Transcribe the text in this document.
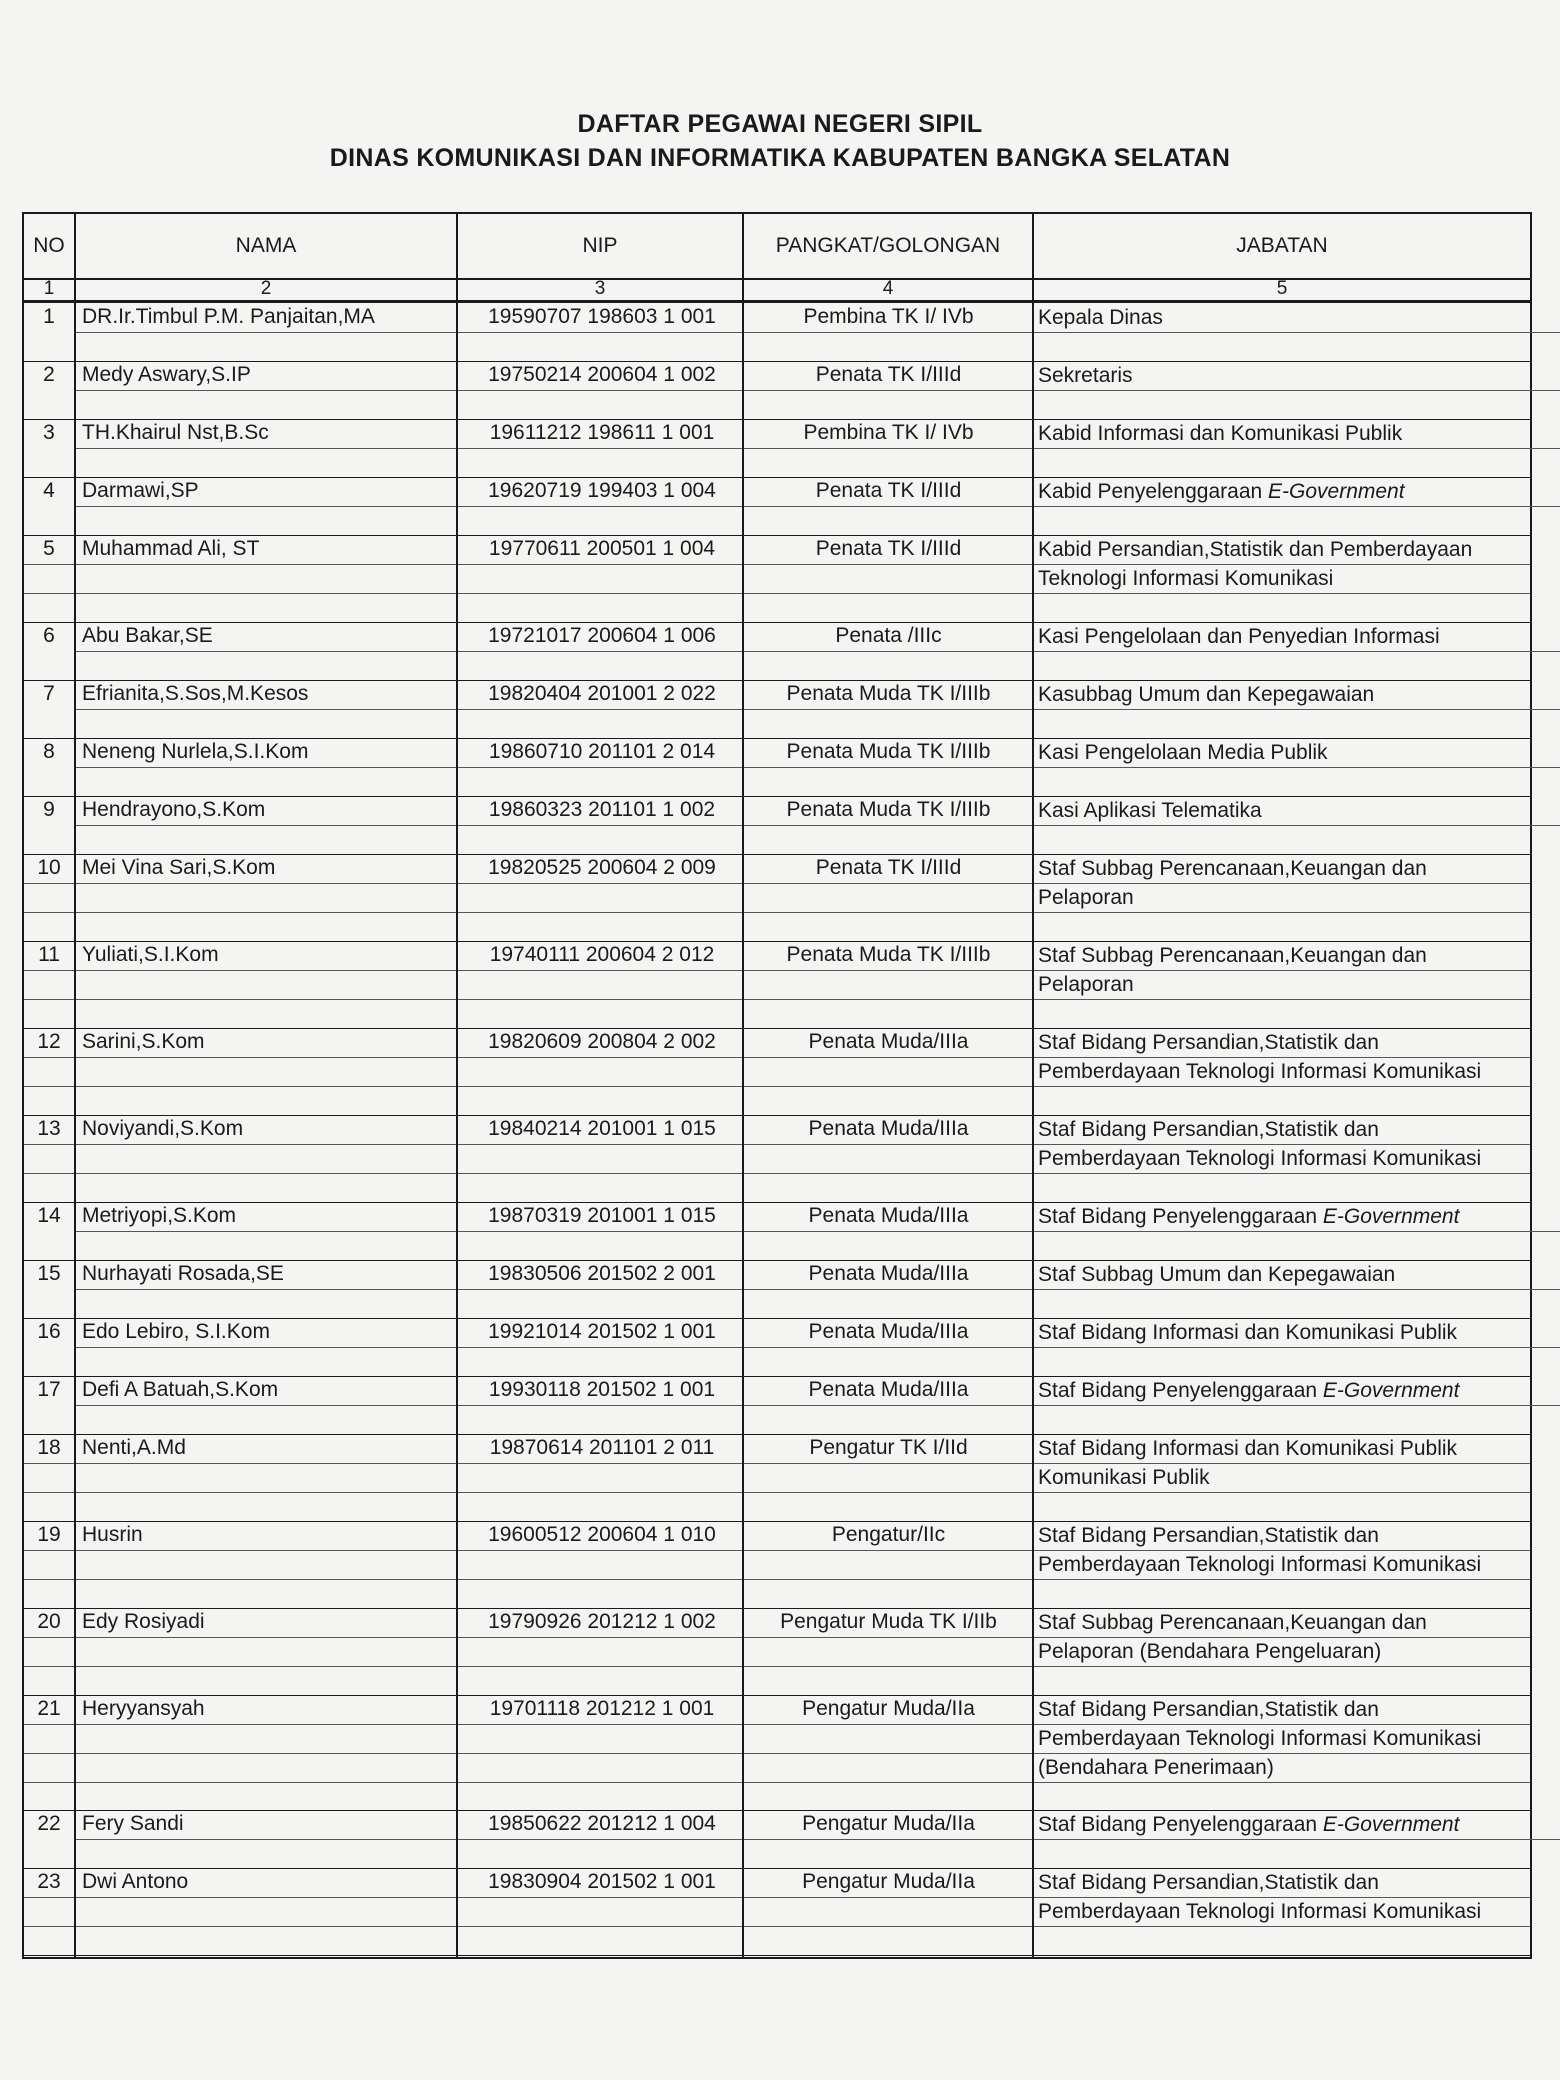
DAFTAR PEGAWAI NEGERI SIPIL
DINAS KOMUNIKASI DAN INFORMATIKA KABUPATEN BANGKA SELATAN
NO	NAMA	NIP	PANGKAT/GOLONGAN	JABATAN
1	2	3	4	5
1	DR.Ir.Timbul P.M. Panjaitan,MA	19590707 198603 1 001	Pembina TK I/ IVb	Kepala Dinas
2	Medy Aswary,S.IP	19750214 200604 1 002	Penata TK I/IIId	Sekretaris
3	TH.Khairul Nst,B.Sc	19611212 198611 1 001	Pembina TK I/ IVb	Kabid Informasi dan Komunikasi Publik
4	Darmawi,SP	19620719 199403 1 004	Penata TK I/IIId	Kabid Penyelenggaraan E-Government
5	Muhammad Ali, ST	19770611 200501 1 004	Penata TK I/IIId	Kabid Persandian,Statistik dan Pemberdayaan
Teknologi Informasi Komunikasi
6	Abu Bakar,SE	19721017 200604 1 006	Penata /IIIc	Kasi Pengelolaan dan Penyedian Informasi
7	Efrianita,S.Sos,M.Kesos	19820404 201001 2 022	Penata Muda TK I/IIIb	Kasubbag Umum dan Kepegawaian
8	Neneng Nurlela,S.I.Kom	19860710 201101 2 014	Penata Muda TK I/IIIb	Kasi Pengelolaan Media Publik
9	Hendrayono,S.Kom	19860323 201101 1 002	Penata Muda TK I/IIIb	Kasi Aplikasi Telematika
10	Mei Vina Sari,S.Kom	19820525 200604 2 009	Penata TK I/IIId	Staf Subbag Perencanaan,Keuangan dan
Pelaporan
11	Yuliati,S.I.Kom	19740111 200604 2 012	Penata Muda TK I/IIIb	Staf Subbag Perencanaan,Keuangan dan
Pelaporan
12	Sarini,S.Kom	19820609 200804 2 002	Penata Muda/IIIa	Staf Bidang Persandian,Statistik dan
Pemberdayaan Teknologi Informasi Komunikasi
13	Noviyandi,S.Kom	19840214 201001 1 015	Penata Muda/IIIa	Staf Bidang Persandian,Statistik dan
Pemberdayaan Teknologi Informasi Komunikasi
14	Metriyopi,S.Kom	19870319 201001 1 015	Penata Muda/IIIa	Staf Bidang Penyelenggaraan E-Government
15	Nurhayati Rosada,SE	19830506 201502 2 001	Penata Muda/IIIa	Staf Subbag Umum dan Kepegawaian
16	Edo Lebiro, S.I.Kom	19921014 201502 1 001	Penata Muda/IIIa	Staf Bidang Informasi dan Komunikasi Publik
17	Defi A Batuah,S.Kom	19930118 201502 1 001	Penata Muda/IIIa	Staf Bidang Penyelenggaraan E-Government
18	Nenti,A.Md	19870614 201101 2 011	Pengatur TK I/IId	Staf Bidang Informasi dan Komunikasi Publik
Komunikasi Publik
19	Husrin	19600512 200604 1 010	Pengatur/IIc	Staf Bidang Persandian,Statistik dan
Pemberdayaan Teknologi Informasi Komunikasi
20	Edy Rosiyadi	19790926 201212 1 002	Pengatur Muda TK I/IIb	Staf Subbag Perencanaan,Keuangan dan
Pelaporan (Bendahara Pengeluaran)
21	Heryyansyah	19701118 201212 1 001	Pengatur Muda/IIa	Staf Bidang Persandian,Statistik dan
Pemberdayaan Teknologi Informasi Komunikasi
(Bendahara Penerimaan)
22	Fery Sandi	19850622 201212 1 004	Pengatur Muda/IIa	Staf Bidang Penyelenggaraan E-Government
23	Dwi Antono	19830904 201502 1 001	Pengatur Muda/IIa	Staf Bidang Persandian,Statistik dan
Pemberdayaan Teknologi Informasi Komunikasi
